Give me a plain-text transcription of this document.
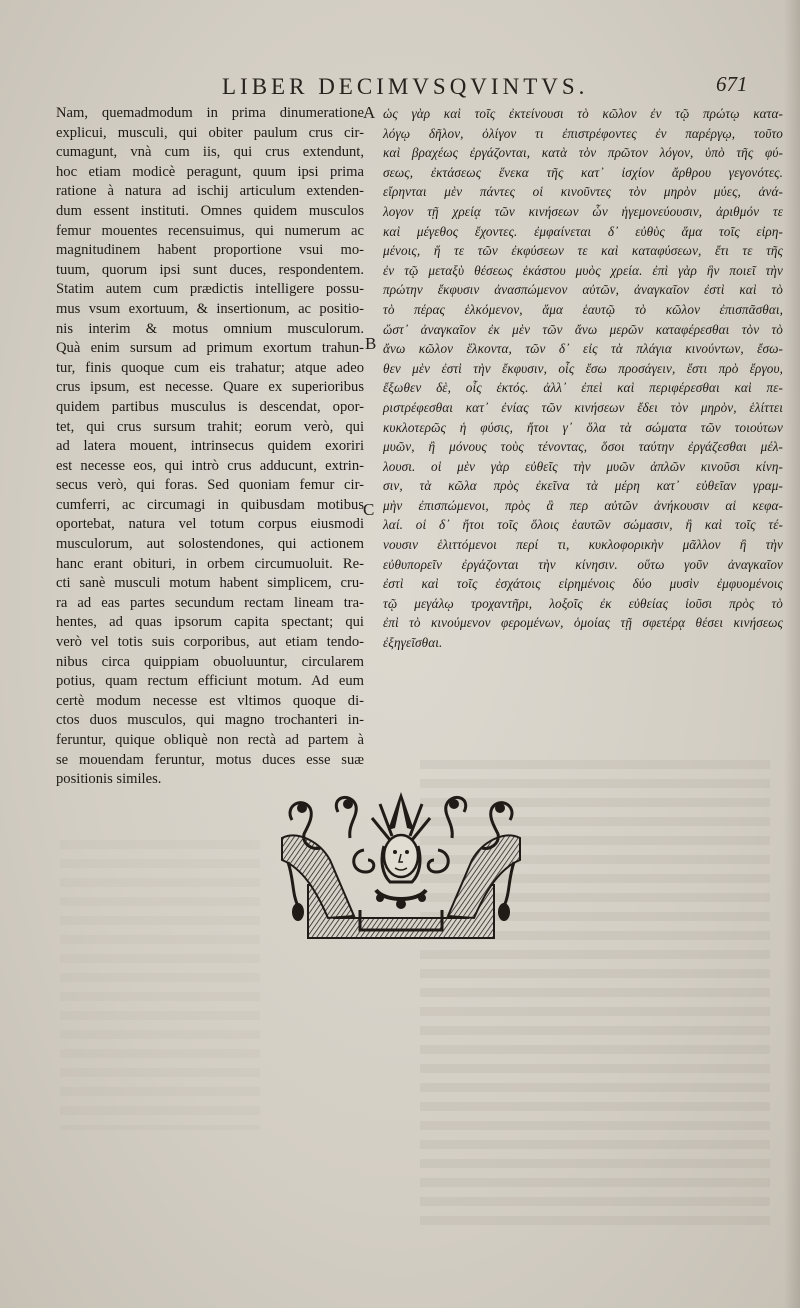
LIBER DECIMVSQVINTVS.	671
Nam, quemadmodum in prima dinumeratione
explicui, musculi, qui obiter paulum crus cir-
cumagunt, vnà cum iis, qui crus extendunt,
hoc etiam modicè peragunt, quum ipsi prima
ratione à natura ad ischij articulum extenden-
dum essent instituti. Omnes quidem musculos
femur mouentes recensuimus, qui numerum ac
magnitudinem habent proportione vsui mo-
tuum, quorum ipsi sunt duces, respondentem.
Statim autem cum prædictis intelligere possu-
mus vsum exortuum, & insertionum, ac positio-
nis interim & motus omnium musculorum.
Quà enim sursum ad primum exortum trahun-
tur, finis quoque cum eis trahatur; atque adeo
crus ipsum, est necesse. Quare ex superioribus
quidem partibus musculus is descendat, opor-
tet, qui crus sursum trahit; eorum verò, qui
ad latera mouent, intrinsecus quidem exoriri
est necesse eos, qui intrò crus adducunt, extrin-
secus verò, qui foras. Sed quoniam femur cir-
cumferri, ac circumagi in quibusdam motibus
oportebat, natura vel totum corpus eiusmodi
musculorum, aut solostendones, qui actionem
hanc erant obituri, in orbem circumuoluit. Re-
cti sanè musculi motum habent simplicem, cru-
ra ad eas partes secundum rectam lineam tra-
hentes, ad quas ipsorum capita spectant; qui
verò vel totis suis corporibus, aut etiam tendo-
nibus circa quippiam obuoluuntur, circularem
potius, quam rectum efficiunt motum. Ad eum
certè modum necesse est vltimos quoque di-
ctos duos musculos, qui magno trochanteri in-
feruntur, quique obliquè non rectà ad partem à
se mouendam feruntur, motus duces esse suæ
positionis similes.
A
B
C
ὡς γὰρ καὶ τοῖς ἐκτείνουσι τὸ κῶλον ἐν τῷ πρώτῳ κατα-
λόγῳ δῆλον, ὀλίγον τι ἐπιστρέφοντες ἐν παρέργῳ, τοῦτο
καὶ βραχέως ἐργάζονται, κατὰ τὸν πρῶτον λόγον, ὑπὸ τῆς φύ-
σεως, ἐκτάσεως ἕνεκα τῆς κατ᾽ ἰσχίον ἄρθρου γεγονότες.
εἴρηνται μὲν πάντες οἱ κινοῦντες τὸν μηρὸν μύες, ἀνά-
λογον τῇ χρείᾳ τῶν κινήσεων ὧν ἡγεμονεύουσιν, ἀριθμόν τε
καὶ μέγεθος ἔχοντες. ἐμφαίνεται δ᾽ εὐθὺς ἅμα τοῖς εἰρη-
μένοις, ἥ τε τῶν ἐκφύσεων τε καὶ καταφύσεων, ἔτι τε τῆς
ἐν τῷ μεταξὺ θέσεως ἑκάστου μυὸς χρεία. ἐπὶ γὰρ ἣν ποιεῖ τὴν
πρώτην ἔκφυσιν ἀνασπώμενον αὐτῶν, ἀναγκαῖον ἐστὶ καὶ τὸ
τὸ πέρας ἑλκόμενον, ἅμα ἑαυτῷ τὸ κῶλον ἐπισπᾶσθαι,
ὥστ᾽ ἀναγκαῖον ἐκ μὲν τῶν ἄνω μερῶν καταφέρεσθαι τὸν τὸ
ἄνω κῶλον ἕλκοντα, τῶν δ᾽ εἰς τὰ πλάγια κινούντων, ἔσω-
θεν μὲν ἐστὶ τὴν ἔκφυσιν, οἷς ἔσω προσάγειν, ἔστι πρὸ ἔργου,
ἔξωθεν δὲ, οἷς ἐκτός. ἀλλ᾽ ἐπεὶ καὶ περιφέρεσθαι καὶ πε-
ριστρέφεσθαι κατ᾽ ἐνίας τῶν κινήσεων ἔδει τὸν μηρὸν, ἑλίττει
κυκλοτερῶς ἡ φύσις, ἤτοι γ᾽ ὅλα τὰ σώματα τῶν τοιούτων
μυῶν, ἢ μόνους τοὺς τένοντας, ὅσοι ταύτην ἐργάζεσθαι μέλ-
λουσι. οἱ μὲν γὰρ εὐθεῖς τὴν μυῶν ἁπλῶν κινοῦσι κίνη-
σιν, τὰ κῶλα πρὸς ἐκεῖνα τὰ μέρη κατ᾽ εὐθεῖαν γραμ-
μὴν ἐπισπώμενοι, πρὸς ἃ περ αὐτῶν ἀνήκουσιν αἱ κεφα-
λαί. οἱ δ᾽ ἤτοι τοῖς ὅλοις ἑαυτῶν σώμασιν, ἢ καὶ τοῖς τέ-
νουσιν ἑλιττόμενοι περί τι, κυκλοφορικὴν μᾶλλον ἢ τὴν
εὐθυπορεῖν ἐργάζονται τὴν κίνησιν. οὕτω γοῦν ἀναγκαῖον
ἐστὶ καὶ τοῖς ἐσχάτοις εἰρημένοις δύο μυσὶν ἐμφυομένοις
τῷ μεγάλῳ τροχαντῆρι, λοξοῖς ἐκ εὐθείας ἰοῦσι πρὸς τὸ
ἐπὶ τὸ κινούμενον φερομένων, ὁμοίας τῇ σφετέρᾳ θέσει κινήσεως
ἐξηγεῖσθαι.
